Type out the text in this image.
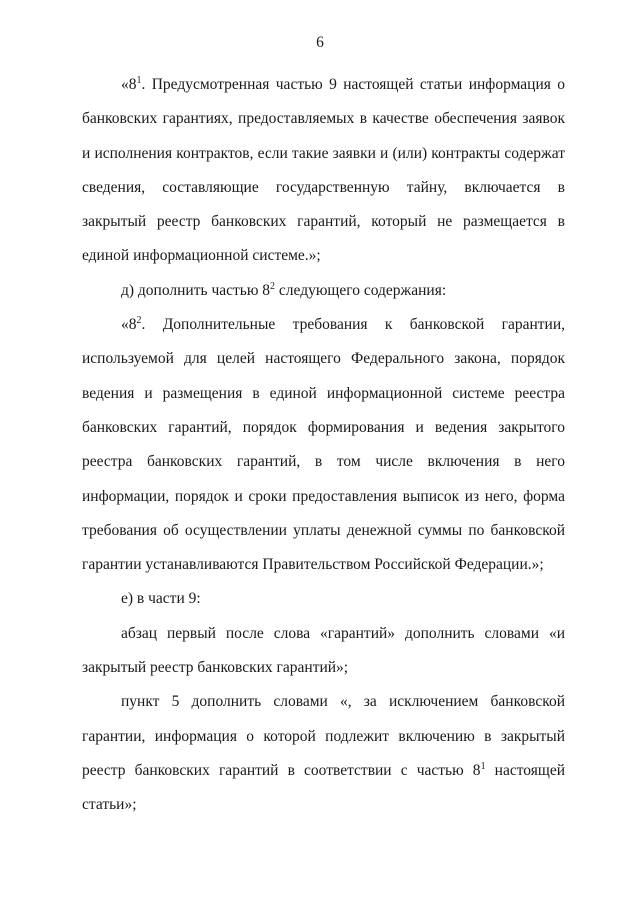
6

«$8^1$. Предусмотренная частью 9 настоящей статьи информация о банковских гарантиях, предоставляемых в качестве обеспечения заявок и исполнения контрактов, если такие заявки и (или) контракты содержат сведения, составляющие государственную тайну, включается в закрытый реестр банковских гарантий, который не размещается в единой информационной системе.»;

д) дополнить частью $8^2$ следующего содержания:

«$8^2$. Дополнительные требования к банковской гарантии, используемой для целей настоящего Федерального закона, порядок ведения и размещения в единой информационной системе реестра банковских гарантий, порядок формирования и ведения закрытого реестра банковских гарантий, в том числе включения в него информации, порядок и сроки предоставления выписок из него, форма требования об осуществлении уплаты денежной суммы по банковской гарантии устанавливаются Правительством Российской Федерации.»;

е) в части 9:

абзац первый после слова «гарантий» дополнить словами «и закрытый реестр банковских гарантий»;

пункт 5 дополнить словами «, за исключением банковской гарантии, информация о которой подлежит включению в закрытый реестр банковских гарантий в соответствии с частью $8^1$ настоящей статьи»;
